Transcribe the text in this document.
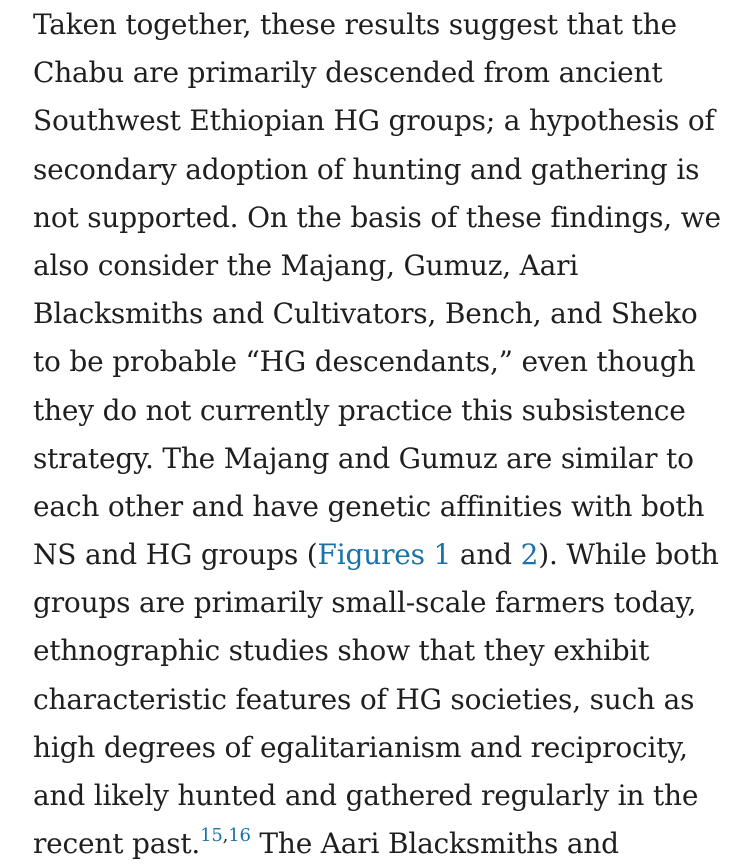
Taken together, these results suggest that the
Chabu are primarily descended from ancient
Southwest Ethiopian HG groups; a hypothesis of
secondary adoption of hunting and gathering is
not supported. On the basis of these findings, we
also consider the Majang, Gumuz, Aari
Blacksmiths and Cultivators, Bench, and Sheko
to be probable “HG descendants,” even though
they do not currently practice this subsistence
strategy. The Majang and Gumuz are similar to
each other and have genetic affinities with both
NS and HG groups (Figures 1 and 2). While both
groups are primarily small-scale farmers today,
ethnographic studies show that they exhibit
characteristic features of HG societies, such as
high degrees of egalitarianism and reciprocity,
and likely hunted and gathered regularly in the
recent past.$^{15,16}$ The Aari Blacksmiths and
